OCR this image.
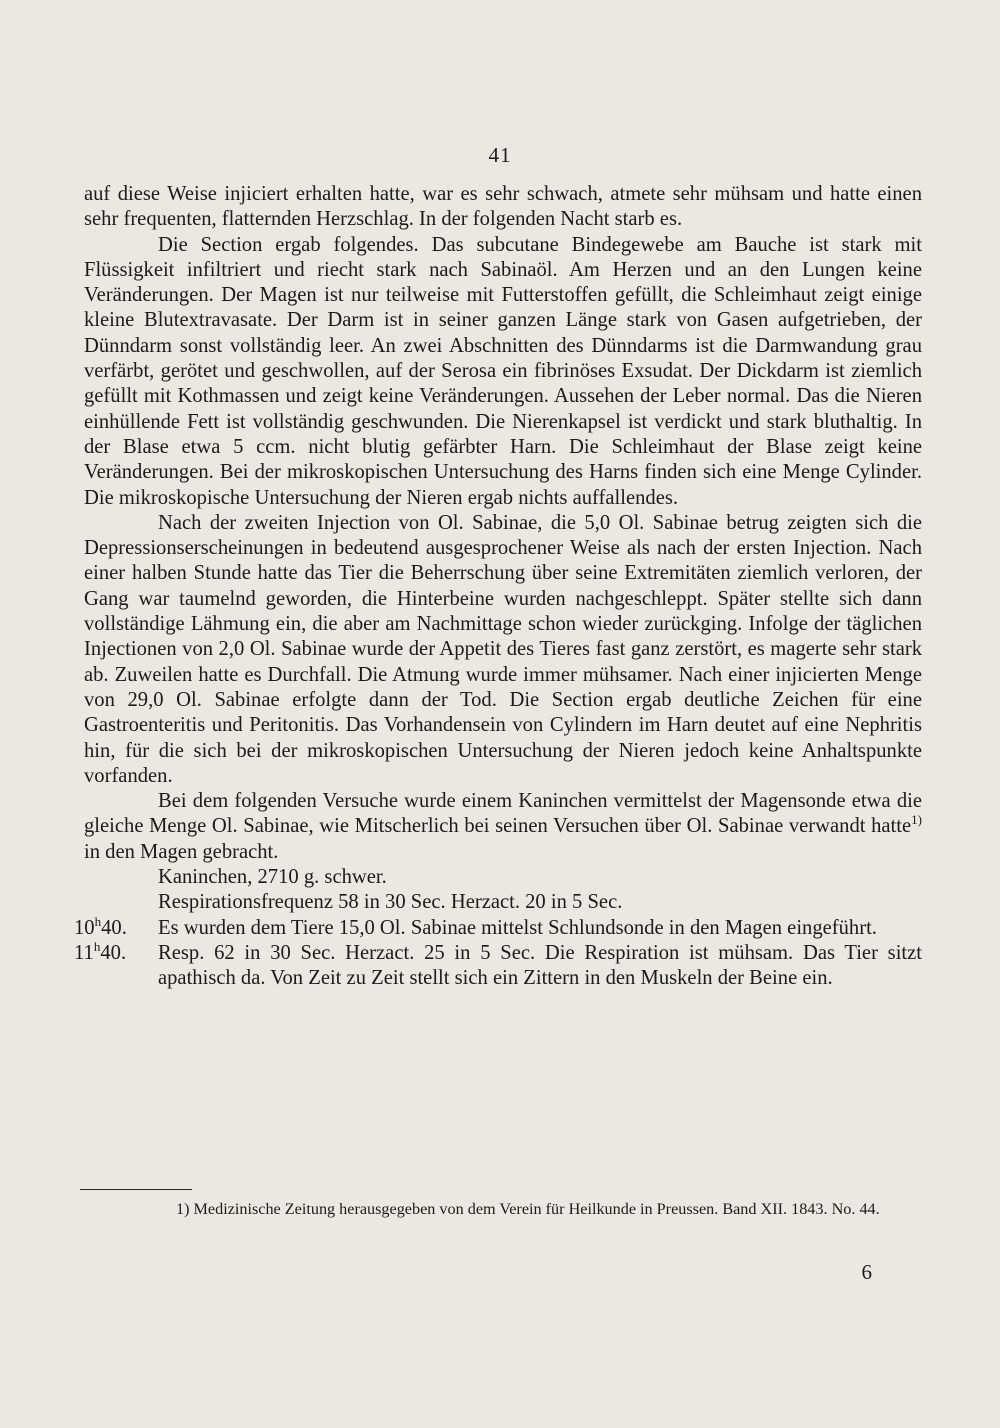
41

auf diese Weise injiciert erhalten hatte, war es sehr schwach, atmete sehr mühsam und hatte einen sehr frequenten, flatternden Herzschlag. In der folgenden Nacht starb es.

Die Section ergab folgendes. Das subcutane Bindegewebe am Bauche ist stark mit Flüssigkeit infiltriert und riecht stark nach Sabinaöl. Am Herzen und an den Lungen keine Veränderungen. Der Magen ist nur teilweise mit Futterstoffen gefüllt, die Schleimhaut zeigt einige kleine Blutextravasate. Der Darm ist in seiner ganzen Länge stark von Gasen aufgetrieben, der Dünndarm sonst vollständig leer. An zwei Abschnitten des Dünndarms ist die Darmwandung grau verfärbt, gerötet und geschwollen, auf der Serosa ein fibrinöses Exsudat. Der Dickdarm ist ziemlich gefüllt mit Kothmassen und zeigt keine Veränderungen. Aussehen der Leber normal. Das die Nieren einhüllende Fett ist vollständig geschwunden. Die Nierenkapsel ist verdickt und stark bluthaltig. In der Blase etwa 5 ccm. nicht blutig gefärbter Harn. Die Schleimhaut der Blase zeigt keine Veränderungen. Bei der mikroskopischen Untersuchung des Harns finden sich eine Menge Cylinder. Die mikroskopische Untersuchung der Nieren ergab nichts auffallendes.

Nach der zweiten Injection von Ol. Sabinae, die 5,0 Ol. Sabinae betrug zeigten sich die Depressionserscheinungen in bedeutend ausgesprochener Weise als nach der ersten Injection. Nach einer halben Stunde hatte das Tier die Beherrschung über seine Extremitäten ziemlich verloren, der Gang war taumelnd geworden, die Hinterbeine wurden nachgeschleppt. Später stellte sich dann vollständige Lähmung ein, die aber am Nachmittage schon wieder zurückging. Infolge der täglichen Injectionen von 2,0 Ol. Sabinae wurde der Appetit des Tieres fast ganz zerstört, es magerte sehr stark ab. Zuweilen hatte es Durchfall. Die Atmung wurde immer mühsamer. Nach einer injicierten Menge von 29,0 Ol. Sabinae erfolgte dann der Tod. Die Section ergab deutliche Zeichen für eine Gastroenteritis und Peritonitis. Das Vorhandensein von Cylindern im Harn deutet auf eine Nephritis hin, für die sich bei der mikroskopischen Untersuchung der Nieren jedoch keine Anhaltspunkte vorfanden.

Bei dem folgenden Versuche wurde einem Kaninchen vermittelst der Magensonde etwa die gleiche Menge Ol. Sabinae, wie Mitscherlich bei seinen Versuchen über Ol. Sabinae verwandt hatte$^{1)}$ in den Magen gebracht.

Kaninchen, 2710 g. schwer.

Respirationsfrequenz 58 in 30 Sec. Herzact. 20 in 5 Sec.

10$^h$40. Es wurden dem Tiere 15,0 Ol. Sabinae mittelst Schlundsonde in den Magen eingeführt.

11$^h$40. Resp. 62 in 30 Sec. Herzact. 25 in 5 Sec. Die Respiration ist mühsam. Das Tier sitzt apathisch da. Von Zeit zu Zeit stellt sich ein Zittern in den Muskeln der Beine ein.

1) Medizinische Zeitung herausgegeben von dem Verein für Heilkunde in Preussen. Band XII. 1843. No. 44.

6
